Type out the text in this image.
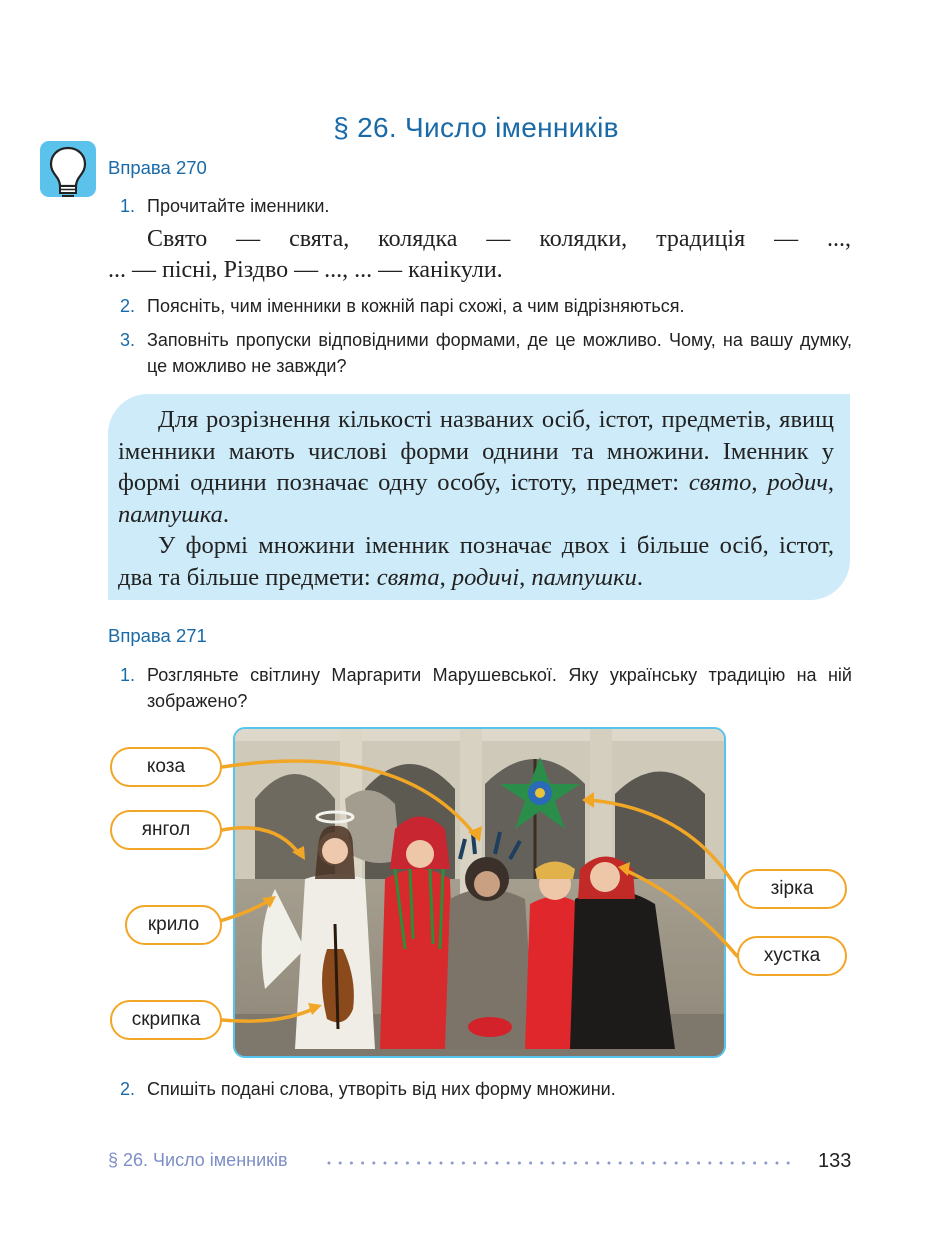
§ 26. Число іменників
Вправа 270
1. Прочитайте іменники.
Свято — свята, колядка — колядки, традиція — ...,
... — пісні, Різдво — ..., ... — канікули.
2. Поясніть, чим іменники в кожній парі схожі, а чим відрізняються.
3. Заповніть пропуски відповідними формами, де це можливо. Чому, на вашу думку, це можливо не завжди?

Для розрізнення кількості названих осіб, істот, предметів, явищ іменники мають числові форми однини та множини. Іменник у формі однини позначає одну особу, істоту, предмет: свято, родич, пампушка.

У формі множини іменник позначає двох і більше осіб, істот, два та більше предмети: свята, родичі, пампушки.

Вправа 271
1. Розгляньте світлину Маргарити Марушевської. Яку українську традицію на ній зображено?
коза
янгол
крило
скрипка
зірка
хустка
2. Спишіть подані слова, утворіть від них форму множини.
§ 26. Число іменників	133
